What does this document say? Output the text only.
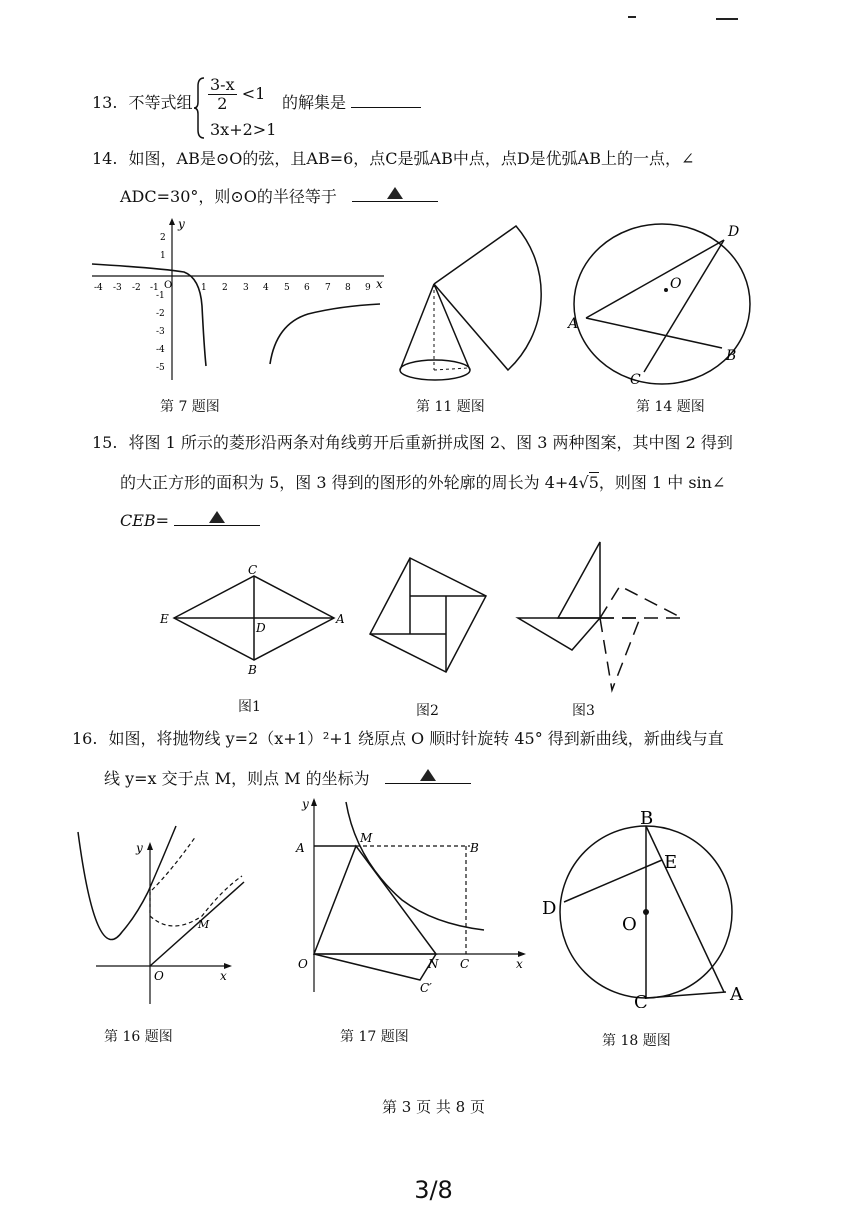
13. 不等式组 $\frac{3-x}{2} <1$
3x+2>1
的解集是
14. 如图，AB是⊙O的弦，且AB=6，点C是弧AB中点，点D是优弧AB上的一点，∠
ADC=30°，则⊙O的半径等于
y
x
O
-4 -3 -2 -1	1 2 3 4 5 6 7 8 9
2
1
-1
-2
-3
-4
-5
第 7 题图	第 11 题图
D
O
A
B
C
第 14 题图
15. 将图 1 所示的菱形沿两条对角线剪开后重新拼成图 2、图 3 两种图案，其中图 2 得到
的大正方形的面积为 5，图 3 得到的图形的外轮廓的周长为 4+4√5，则图 1 中 sin∠
CEB=
C
E	A
D
B
图1	图2	图3
16. 如图，将抛物线 y=2（x+1）²+1 绕原点 O 顺时针旋转 45° 得到新曲线，新曲线与直
线 y=x 交于点 M，则点 M 的坐标为
y
x
O
M
第 16 题图
y
x
A
M
B
O	N C
C′
第 17 题图
B
E
D
O
C	A
第 18 题图
第 3 页 共 8 页
3/8
